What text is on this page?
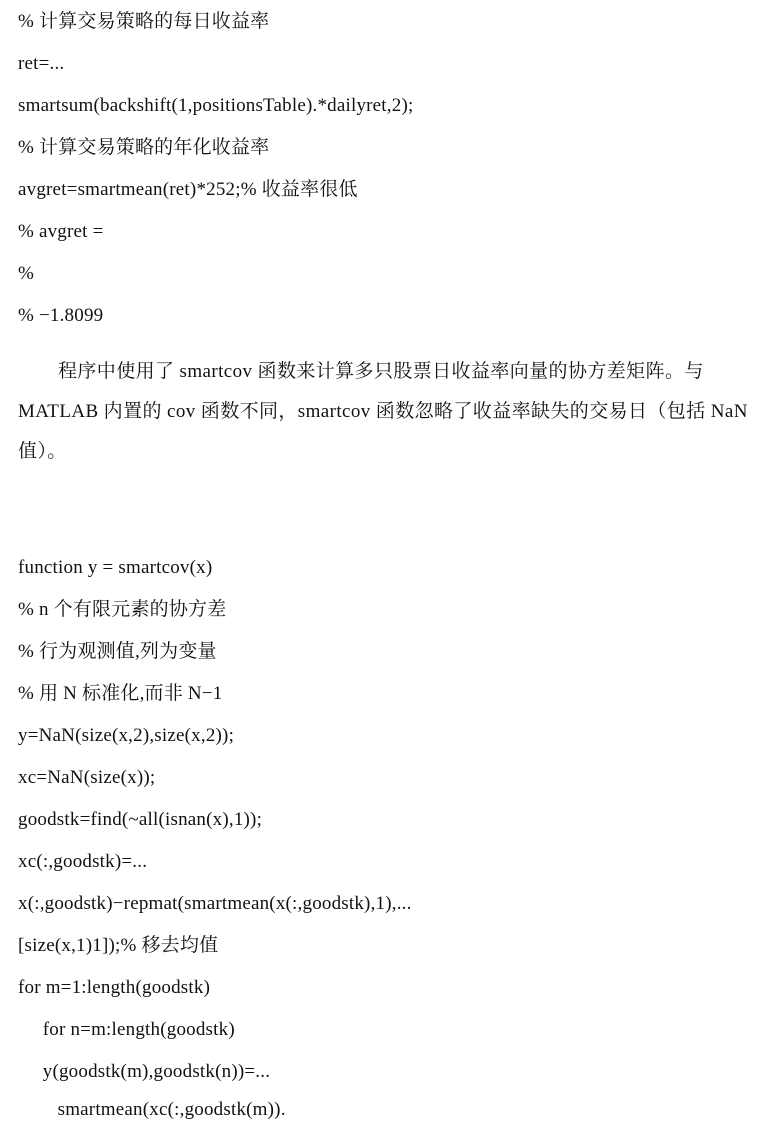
% 计算交易策略的每日收益率
ret=...
smartsum(backshift(1,positionsTable).*dailyret,2);
% 计算交易策略的年化收益率
avgret=smartmean(ret)*252;% 收益率很低
% avgret =
%
% −1.8099
程序中使用了 smartcov 函数来计算多只股票日收益率向量的协方差矩阵。与 MATLAB 内置的 cov 函数不同，smartcov 函数忽略了收益率缺失的交易日（包括 NaN 值）。
function y = smartcov(x)
% n 个有限元素的协方差
% 行为观测值,列为变量
% 用 N 标准化,而非 N−1
y=NaN(size(x,2),size(x,2));
xc=NaN(size(x));
goodstk=find(~all(isnan(x),1));
xc(:,goodstk)=...
x(:,goodstk)−repmat(smartmean(x(:,goodstk),1),...
[size(x,1)1]);% 移去均值
for m=1:length(goodstk)
for n=m:length(goodstk)
y(goodstk(m),goodstk(n))=...
smartmean(xc(:,goodstk(m)).
